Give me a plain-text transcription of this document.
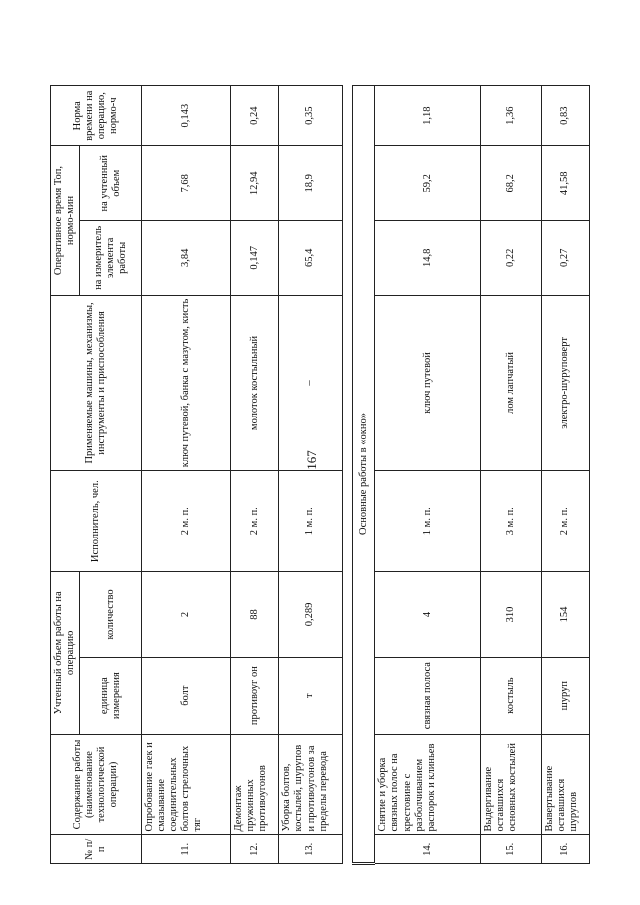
167
№ п/п	Содержание работы (наименование технологической операции)	Учтенный объем работы на операцию		Исполнитель, чел.	Применяемые машины, механизмы, инструменты и приспособления	Оперативное время Топ, нормо-мин		Норма времени на операцию, нормо-ч
		единица измерения	количество			на измеритель элемента работы	на учтенный объем	
11.	Опробование гаек и смазывание соединительных болтов стрелочных тяг	болт	2	2 м. п.	ключ путевой, банка с мазутом, кисть	3,84	7,68	0,143
12.	Демонтаж пружинных противоугонов	противоуг он	88	2 м. п.	молоток костыльный	0,147	12,94	0,24
13.	Уборка болтов, костылей, шурупов и противоугонов за пределы перевода	т	0,289	1 м. п.	–	65,4	18,9	0,35

Основные работы в «окно»								
14.	Снятие и уборка связных полос на крестовине с разболчиванием распорок и клиньев	связная полоса	4	1 м. п.	ключ путевой	14,8	59,2	1,18
15.	Выдергивание оставшихся основных костылей	костыль	310	3 м. п.	лом лапчатый	0,22	68,2	1,36
16.	Вывертывание оставшихся шурупов	шуруп	154	2 м. п.	электро-шуруповерт	0,27	41,58	0,83
